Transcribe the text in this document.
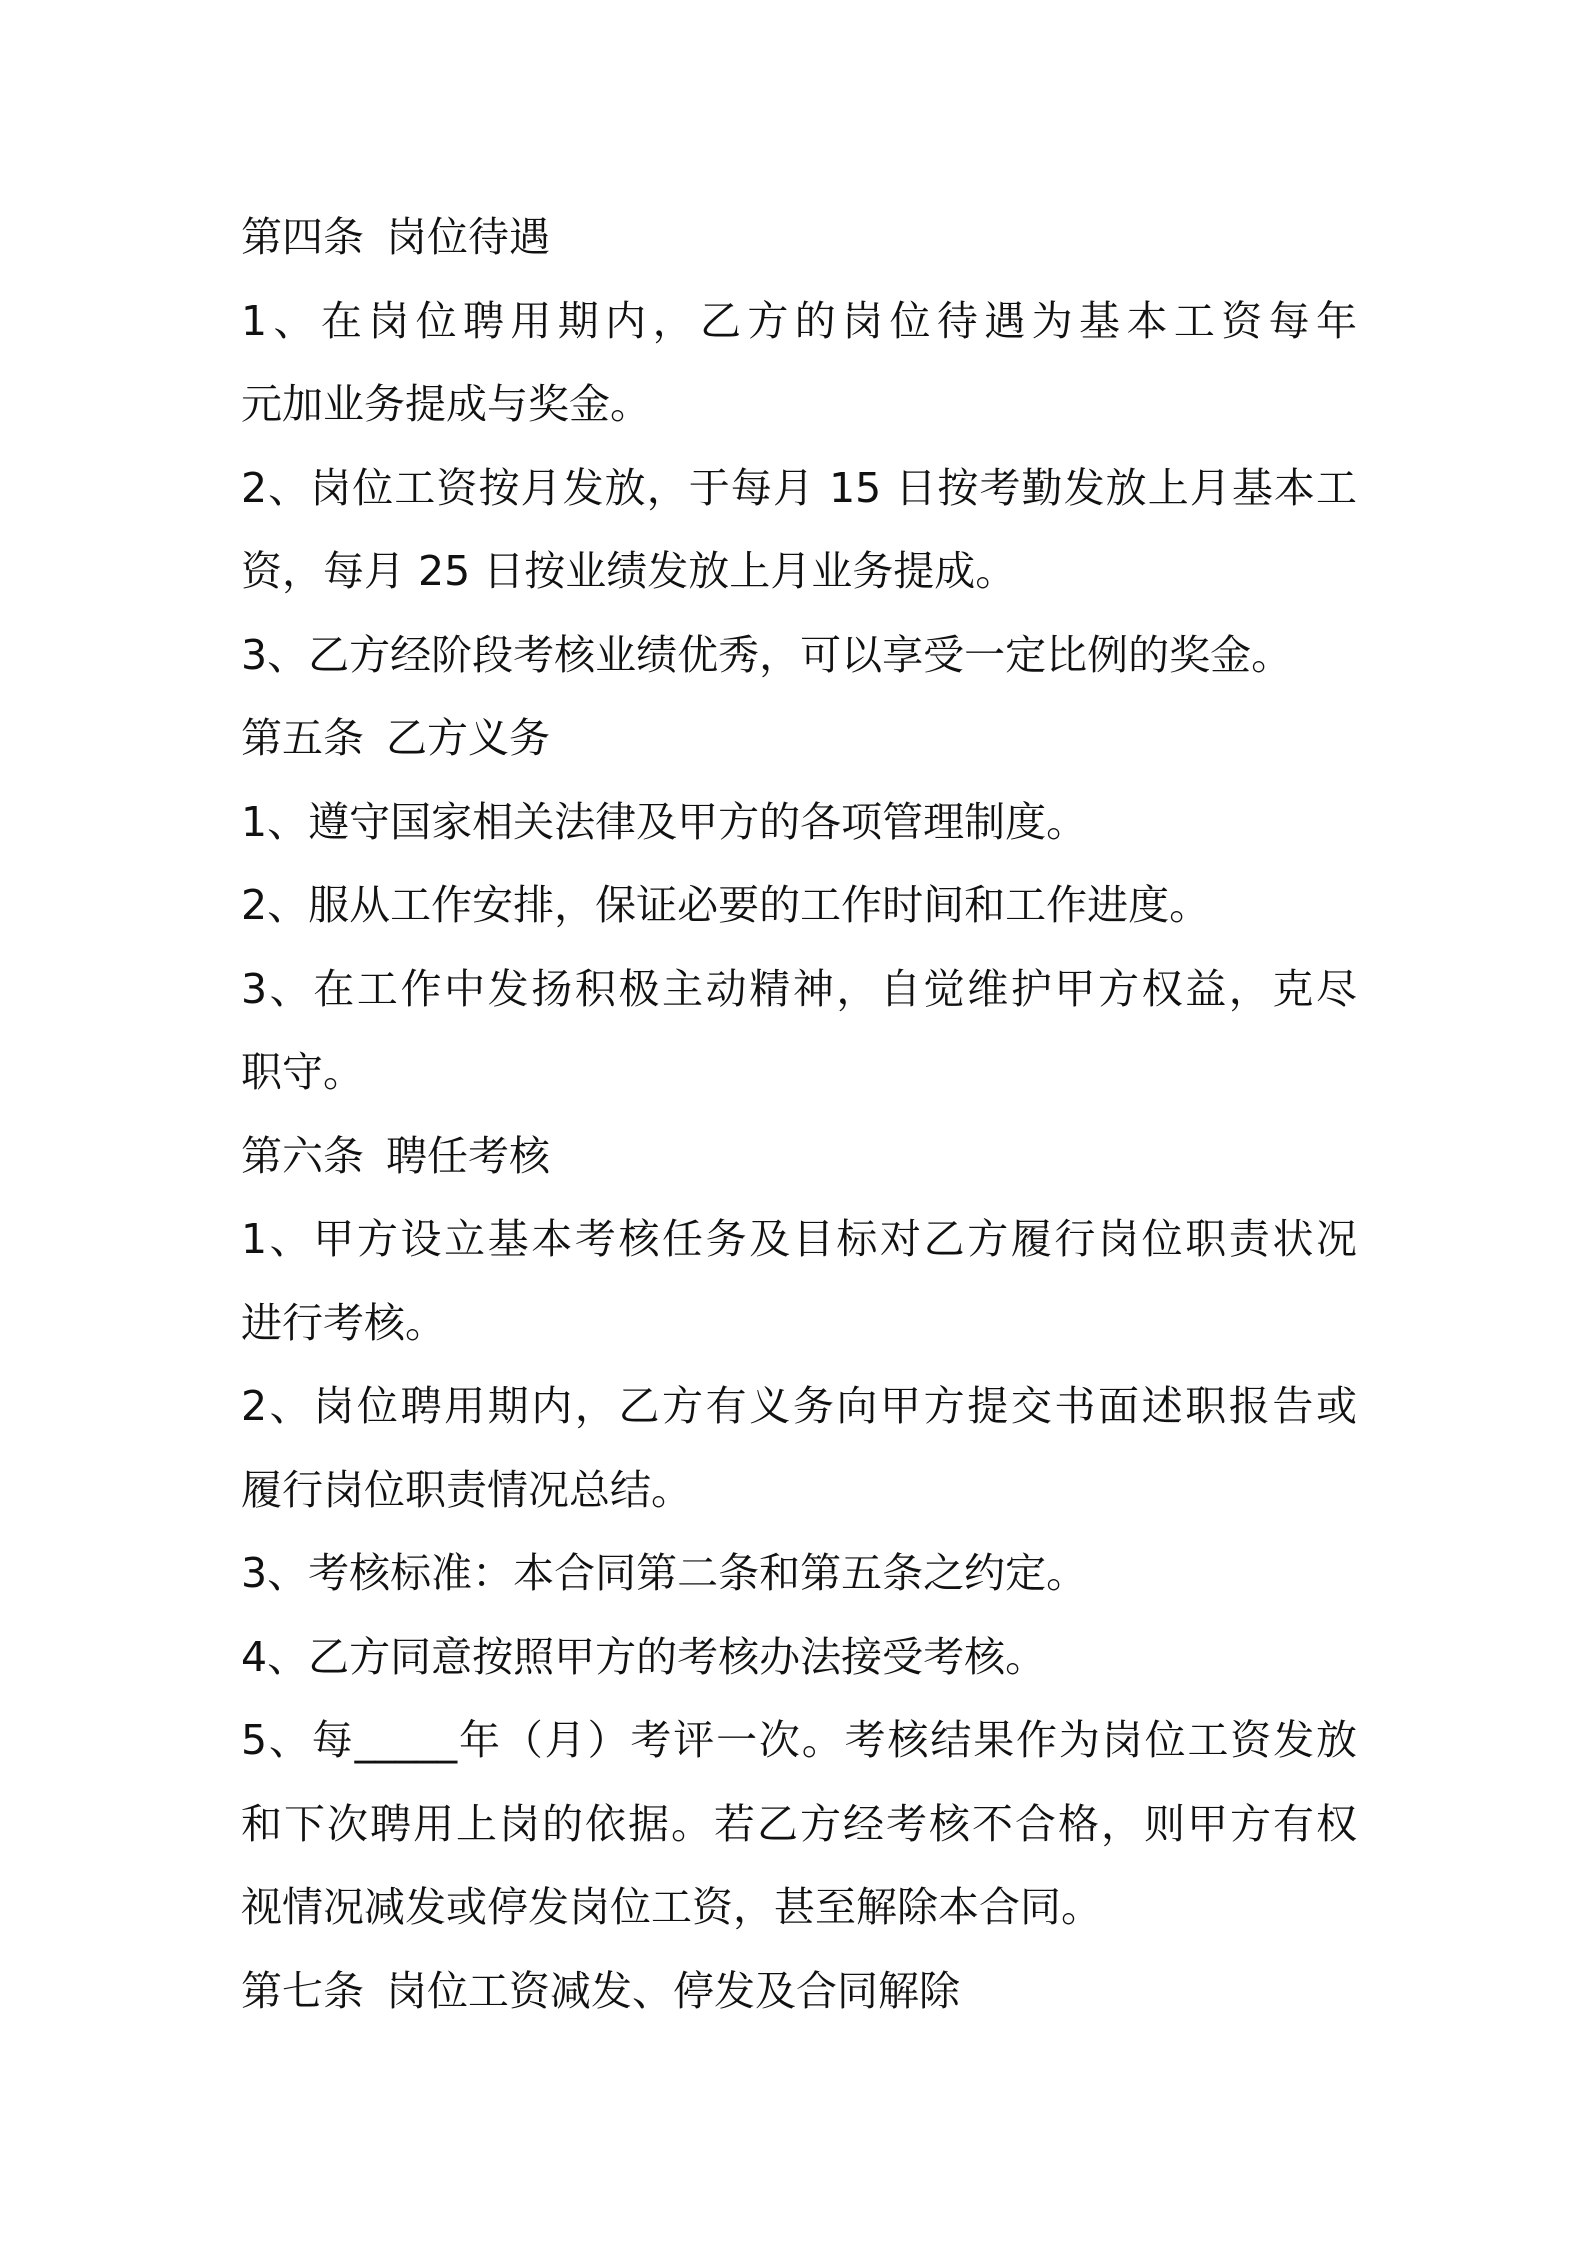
第四条 岗位待遇
1、在岗位聘用期内，乙方的岗位待遇为基本工资每年
元加业务提成与奖金。
2、岗位工资按月发放，于每月 15 日按考勤发放上月基本工
资，每月 25 日按业绩发放上月业务提成。
3、乙方经阶段考核业绩优秀，可以享受一定比例的奖金。
第五条 乙方义务
1、遵守国家相关法律及甲方的各项管理制度。
2、服从工作安排，保证必要的工作时间和工作进度。
3、在工作中发扬积极主动精神，自觉维护甲方权益，克尽
职守。
第六条 聘任考核
1、甲方设立基本考核任务及目标对乙方履行岗位职责状况
进行考核。
2、岗位聘用期内，乙方有义务向甲方提交书面述职报告或
履行岗位职责情况总结。
3、考核标准：本合同第二条和第五条之约定。
4、乙方同意按照甲方的考核办法接受考核。
5、每_____年（月）考评一次。考核结果作为岗位工资发放
和下次聘用上岗的依据。若乙方经考核不合格，则甲方有权
视情况减发或停发岗位工资，甚至解除本合同。
第七条 岗位工资减发、停发及合同解除
